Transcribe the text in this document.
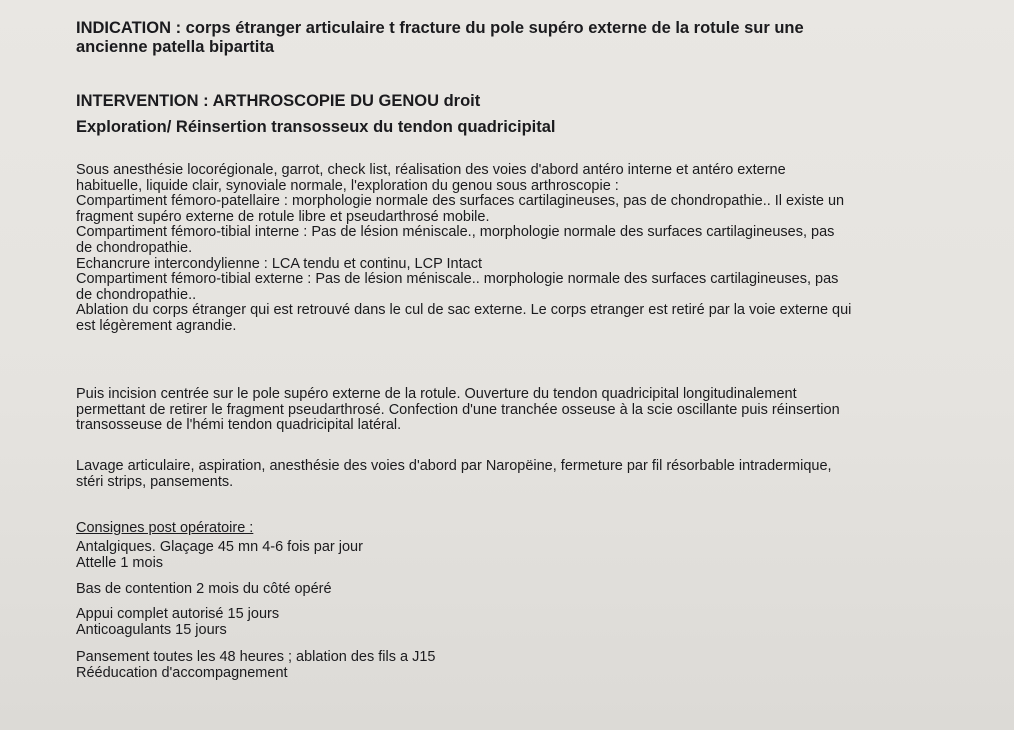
INDICATION : corps étranger articulaire t fracture du pole supéro externe de la rotule sur une
ancienne patella bipartita

INTERVENTION : ARTHROSCOPIE DU GENOU droit

Exploration/ Réinsertion transosseux du tendon quadricipital

Sous anesthésie locorégionale, garrot, check list, réalisation des voies d'abord antéro interne et antéro externe
habituelle, liquide clair, synoviale normale, l'exploration du genou sous arthroscopie :
Compartiment fémoro-patellaire : morphologie normale des surfaces cartilagineuses, pas de chondropathie.. Il existe un
fragment supéro externe de rotule libre et pseudarthrosé mobile.
Compartiment fémoro-tibial interne : Pas de lésion méniscale., morphologie normale des surfaces cartilagineuses, pas
de chondropathie.
Echancrure intercondylienne : LCA tendu et continu, LCP Intact
Compartiment fémoro-tibial externe : Pas de lésion méniscale.. morphologie normale des surfaces cartilagineuses, pas
de chondropathie..
Ablation du corps étranger qui est retrouvé dans le cul de sac externe. Le corps etranger est retiré par la voie externe qui
est légèrement agrandie.

Puis incision centrée sur le pole supéro externe de la rotule. Ouverture du tendon quadricipital longitudinalement
permettant de retirer le fragment pseudarthrosé. Confection d'une tranchée osseuse à la scie oscillante puis réinsertion
transosseuse de l'hémi tendon quadricipital latéral.

Lavage articulaire, aspiration, anesthésie des voies d'abord par Naropëine, fermeture par fil résorbable intradermique,
stéri strips, pansements.

Consignes post opératoire :

Antalgiques. Glaçage 45 mn 4-6 fois par jour
Attelle 1 mois

Bas de contention 2 mois du côté opéré

Appui complet autorisé 15 jours
Anticoagulants 15 jours

Pansement toutes les 48 heures ; ablation des fils a J15
Rééducation d'accompagnement
